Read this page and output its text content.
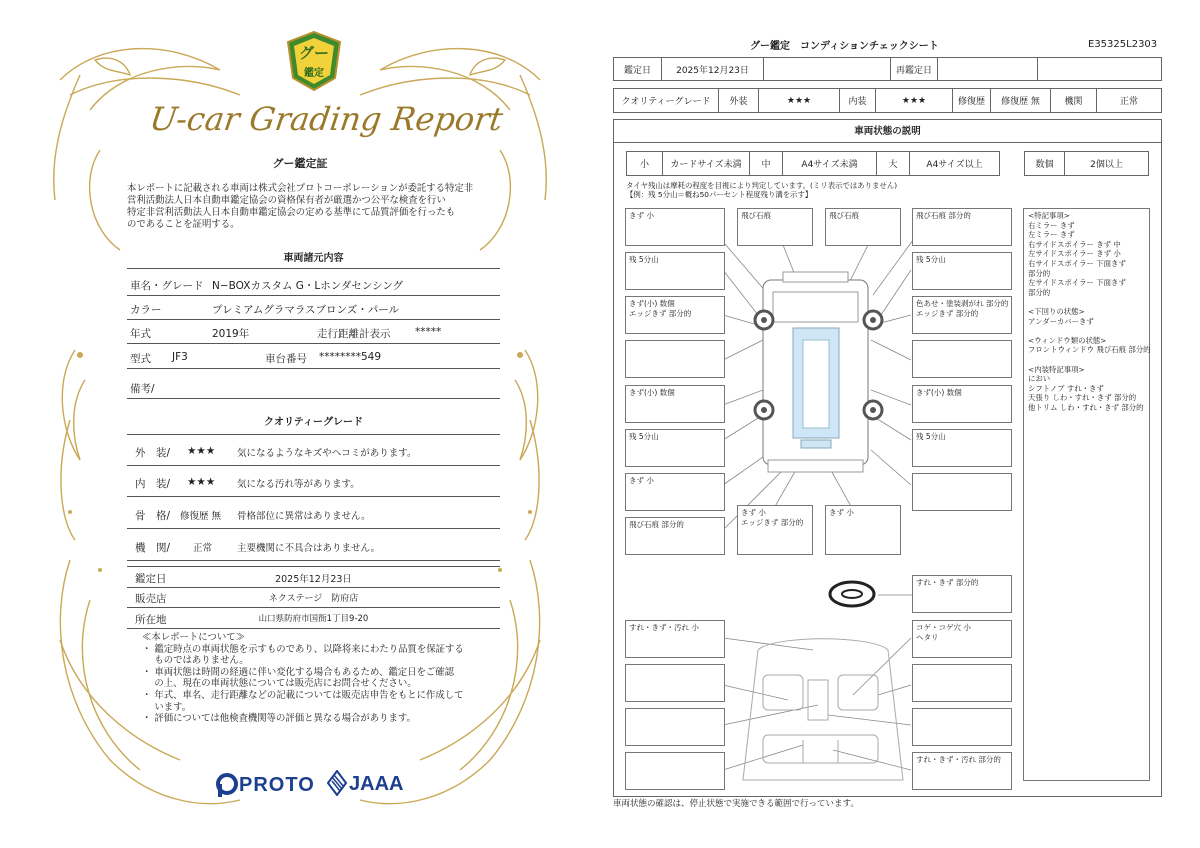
グー
鑑定
U-car Grading Report
グー鑑定証
本レポートに記載される車両は株式会社プロトコーポレーションが委託する特定非
営利活動法人日本自動車鑑定協会の資格保有者が厳選かつ公平な検査を行い
特定非営利活動法人日本自動車鑑定協会の定める基準にて品質評価を行ったも
のであることを証明する。
車両諸元内容
車名・グレード N−BOXカスタム G・Lホンダセンシング
カラー	プレミアムグラマラスブロンズ・パール
年式	2019年	走行距離計表示 *****
型式 JF3	車台番号 ********549
備考/
クオリティーグレード
外　装/ ★★★ 気になるようなキズやヘコミがあります。
内　装/ ★★★ 気になる汚れ等があります。
骨　格/ 修復歴 無 骨格部位に異常はありません。
機　関/ 正常	主要機関に不具合はありません。
鑑定日	2025年12月23日
販売店	ネクステージ　防府店
所在地	山口県防府市国衙1丁目9-20
≪本レポートについて≫
・ 鑑定時点の車両状態を示すものであり、以降将来にわたり品質を保証する
　 ものではありません。
・ 車両状態は時間の経過に伴い変化する場合もあるため、鑑定日をご確認
　 の上、現在の車両状態については販売店にお問合せください。
・ 年式、車名、走行距離などの記載については販売店申告をもとに作成して
　 います。
・ 評価については他検査機関等の評価と異なる場合があります。
PROTO JAAA
グー鑑定　コンディションチェックシート	E35325L2303
鑑定日	2025年12月23日	再鑑定日
クオリティーグレード	外装	★★★	内装	★★★	修復歴	修復歴 無	機関	正常
車両状態の説明
小	カードサイズ未満	中	A4サイズ未満	大	A4サイズ以上	数個	2個以上
タイヤ残山は摩耗の程度を目視により判定しています。(ミリ表示ではありません)
【例：残 5分山＝概ね50パーセント程度残り溝を示す】
きず 小	飛び石痕	飛び石痕	飛び石痕 部分的
残 5分山	残 5分山
きず(小) 数個
エッジきず 部分的
色あせ・塗装剥がれ 部分的
エッジきず 部分的
きず(小) 数個	きず(小) 数個
残 5分山	残 5分山
きず 小
飛び石痕 部分的
きず 小
エッジきず 部分的
きず 小
すれ・きず 部分的
すれ・きず・汚れ 小	コゲ・コゲ穴 小
ヘタリ
すれ・きず・汚れ 部分的
<特記事項>
右ミラー きず
左ミラー きず
右サイドスポイラー きず 中
左サイドスポイラー きず 小
右サイドスポイラー 下面きず
部分的
左サイドスポイラー 下面きず
部分的
<下回りの状態>
アンダーカバーきず
<ウィンドウ類の状態>
フロントウィンドウ 飛び石痕 部分的
<内装特記事項>
におい
シフトノブ すれ・きず
天張り しわ・すれ・きず 部分的
他トリム しわ・すれ・きず 部分的
車両状態の確認は、停止状態で実施できる範囲で行っています。
